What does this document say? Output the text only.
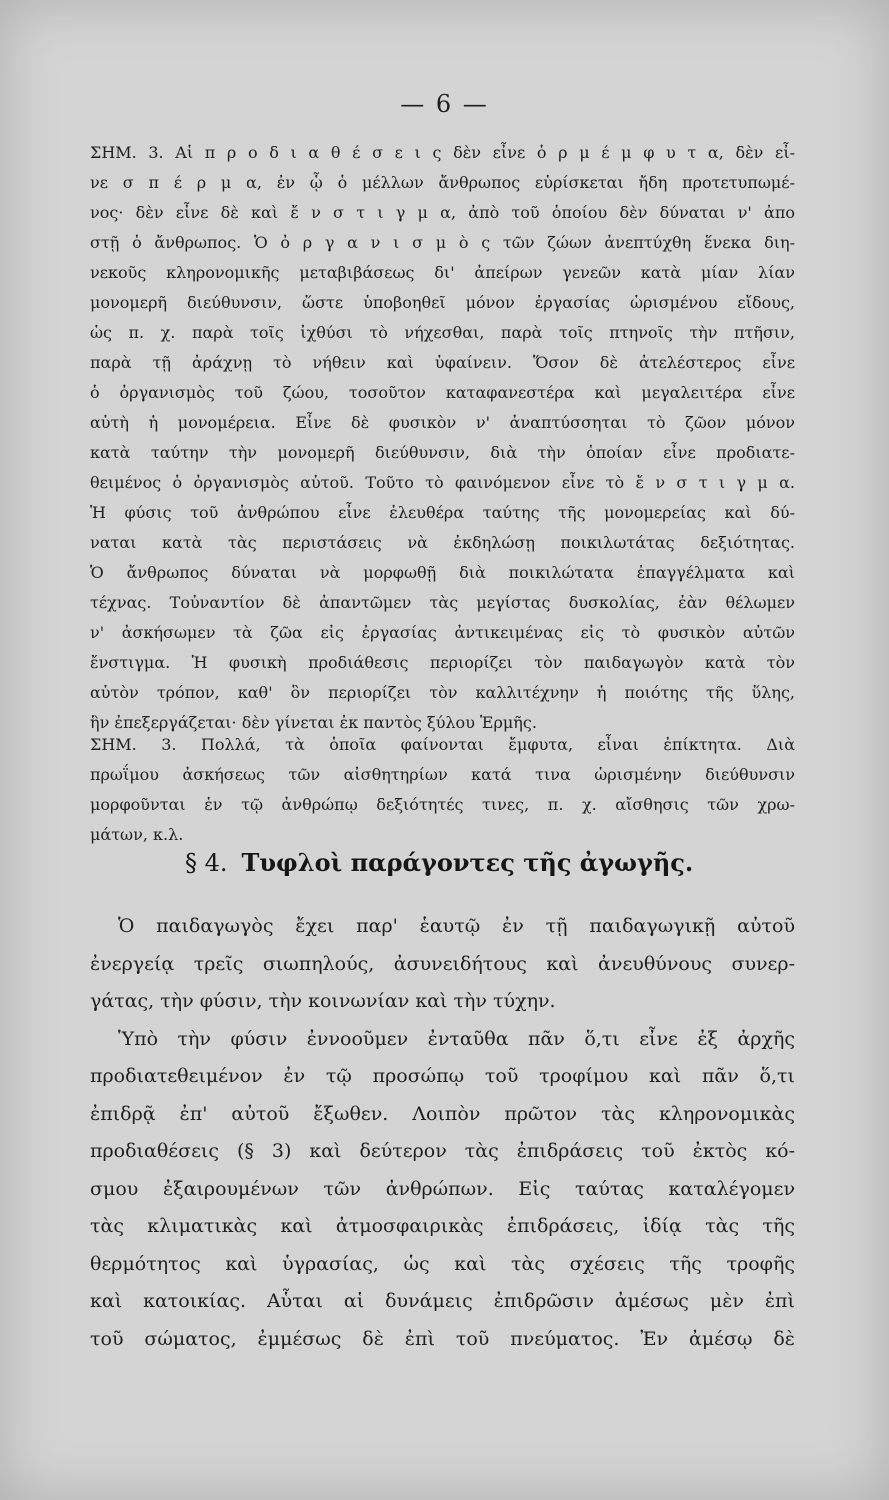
— 6 —
ΣΗΜ. 3. Αἱ π ρ ο δ ι α θ έ σ ε ι ς δὲν εἶνε ὁ ρ μ έ μ φ υ τ α, δὲν εἶ-
νε σ π έ ρ μ α, ἐν ᾧ ὁ μέλλων ἄνθρωπος εὑρίσκεται ἤδη προτετυπωμέ-
νος· δὲν εἶνε δὲ καὶ ἔ ν σ τ ι γ μ α, ἀπὸ τοῦ ὁποίου δὲν δύναται ν' ἀπο
στῇ ὁ ἄνθρωπος. Ὁ ὀ ρ γ α ν ι σ μ ὸ ς τῶν ζώων ἀνεπτύχθη ἕνεκα διη-
νεκοῦς κληρονομικῆς μεταβιβάσεως δι' ἀπείρων γενεῶν κατὰ μίαν λίαν
μονομερῆ διεύθυνσιν, ὥστε ὑποβοηθεῖ μόνον ἐργασίας ὡρισμένου εἴδους,
ὡς π. χ. παρὰ τοῖς ἰχθύσι τὸ νήχεσθαι, παρὰ τοῖς πτηνοῖς τὴν πτῆσιν,
παρὰ τῇ ἀράχνῃ τὸ νήθειν καὶ ὑφαίνειν. Ὅσον δὲ ἀτελέστερος εἶνε
ὁ ὀργανισμὸς τοῦ ζώου, τοσοῦτον καταφανεστέρα καὶ μεγαλειτέρα εἶνε
αὐτὴ ἡ μονομέρεια. Εἶνε δὲ φυσικὸν ν' ἀναπτύσσηται τὸ ζῶον μόνον
κατὰ ταύτην τὴν μονομερῆ διεύθυνσιν, διὰ τὴν ὁποίαν εἶνε προδιατε-
θειμένος ὁ ὀργανισμὸς αὐτοῦ. Τοῦτο τὸ φαινόμενον εἶνε τὸ ἔ ν σ τ ι γ μ α.
Ἡ φύσις τοῦ ἀνθρώπου εἶνε ἐλευθέρα ταύτης τῆς μονομερείας καὶ δύ-
ναται κατὰ τὰς περιστάσεις νὰ ἐκδηλώσῃ ποικιλωτάτας δεξιότητας.
Ὁ ἄνθρωπος δύναται νὰ μορφωθῇ διὰ ποικιλώτατα ἐπαγγέλματα καὶ
τέχνας. Τοὐναντίον δὲ ἀπαντῶμεν τὰς μεγίστας δυσκολίας, ἐὰν θέλωμεν
ν' ἀσκήσωμεν τὰ ζῶα εἰς ἐργασίας ἀντικειμένας εἰς τὸ φυσικὸν αὐτῶν
ἔνστιγμα. Ἡ φυσικὴ προδιάθεσις περιορίζει τὸν παιδαγωγὸν κατὰ τὸν
αὐτὸν τρόπον, καθ' ὃν περιορίζει τὸν καλλιτέχνην ἡ ποιότης τῆς ὕλης,
ἣν ἐπεξεργάζεται· δὲν γίνεται ἐκ παντὸς ξύλου Ἑρμῆς.
ΣΗΜ. 3. Πολλά, τὰ ὁποῖα φαίνονται ἔμφυτα, εἶναι ἐπίκτητα. Διὰ
πρωΐμου ἀσκήσεως τῶν αἰσθητηρίων κατά τινα ὡρισμένην διεύθυνσιν
μορφοῦνται ἐν τῷ ἀνθρώπῳ δεξιότητές τινες, π. χ. αἴσθησις τῶν χρω-
μάτων, κ.λ.
§ 4. Τυφλοὶ παράγοντες τῆς ἀγωγῆς.
Ὁ παιδαγωγὸς ἔχει παρ' ἑαυτῷ ἐν τῇ παιδαγωγικῇ αὐτοῦ
ἐνεργείᾳ τρεῖς σιωπηλούς, ἀσυνειδήτους καὶ ἀνευθύνους συνερ-
γάτας, τὴν φύσιν, τὴν κοινωνίαν καὶ τὴν τύχην.
Ὑπὸ τὴν φύσιν ἐννοοῦμεν ἐνταῦθα πᾶν ὅ,τι εἶνε ἐξ ἀρχῆς
προδιατεθειμένον ἐν τῷ προσώπῳ τοῦ τροφίμου καὶ πᾶν ὅ,τι
ἐπιδρᾷ ἐπ' αὐτοῦ ἔξωθεν. Λοιπὸν πρῶτον τὰς κληρονομικὰς
προδιαθέσεις (§ 3) καὶ δεύτερον τὰς ἐπιδράσεις τοῦ ἐκτὸς κό-
σμου ἐξαιρουμένων τῶν ἀνθρώπων. Εἰς ταύτας καταλέγομεν
τὰς κλιματικὰς καὶ ἀτμοσφαιρικὰς ἐπιδράσεις, ἰδίᾳ τὰς τῆς
θερμότητος καὶ ὑγρασίας, ὡς καὶ τὰς σχέσεις τῆς τροφῆς
καὶ κατοικίας. Αὗται αἱ δυνάμεις ἐπιδρῶσιν ἀμέσως μὲν ἐπὶ
τοῦ σώματος, ἐμμέσως δὲ ἐπὶ τοῦ πνεύματος. Ἐν ἀμέσῳ δὲ
